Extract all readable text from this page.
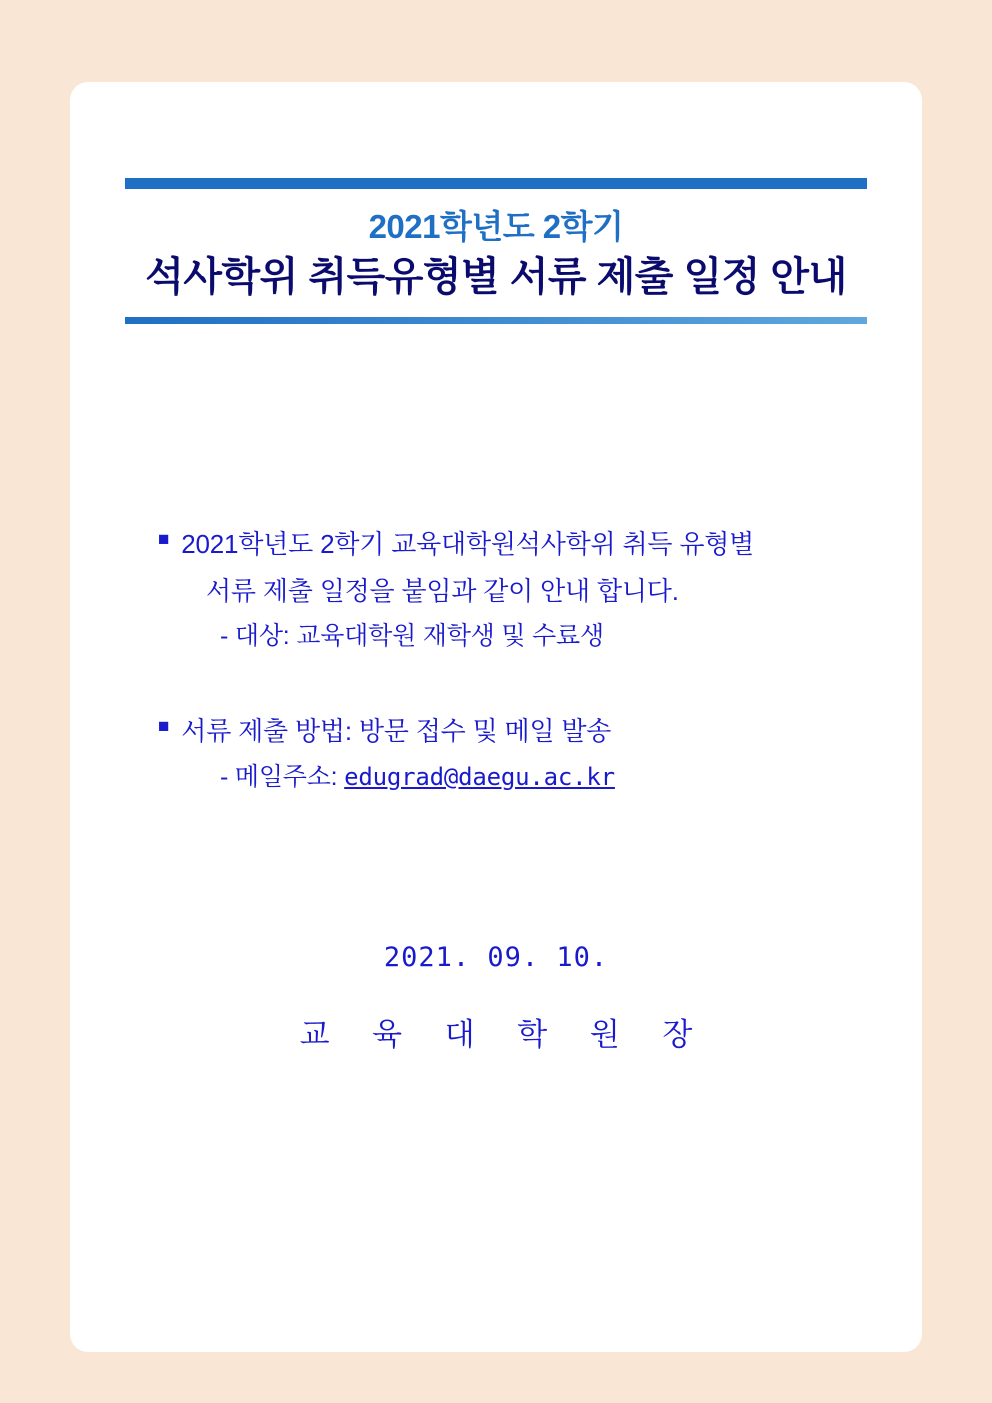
2021학년도 2학기
석사학위 취득유형별 서류 제출 일정 안내
■ 2021학년도 2학기 교육대학원석사학위 취득 유형별
서류 제출 일정을 붙임과 같이 안내 합니다.
- 대상: 교육대학원 재학생 및 수료생
■ 서류 제출 방법: 방문 접수 및 메일 발송
- 메일주소: edugrad@daegu.ac.kr
2021. 09. 10.
교 육 대 학 원 장
